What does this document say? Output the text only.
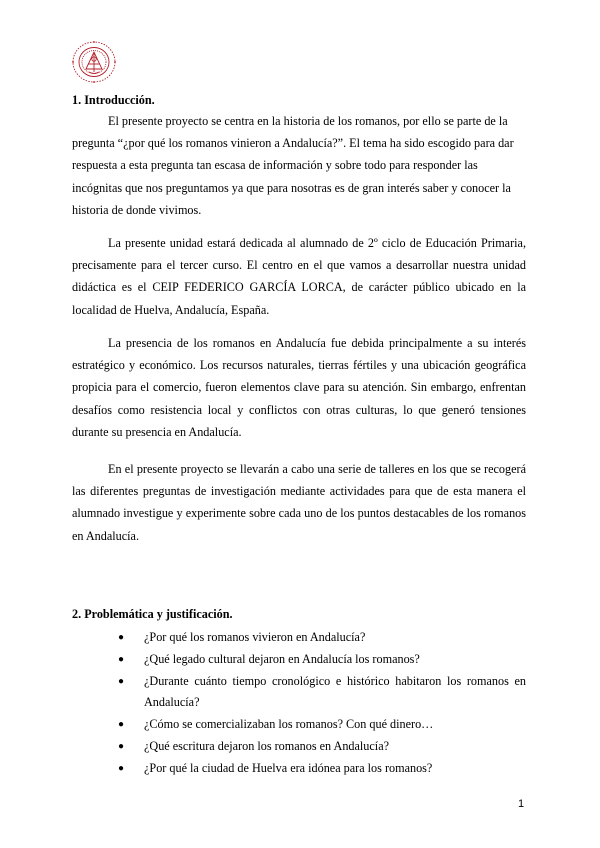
1. Introducción.

El presente proyecto se centra en la historia de los romanos, por ello se parte de la pregunta “¿por qué los romanos vinieron a Andalucía?”. El tema ha sido escogido para dar respuesta a esta pregunta tan escasa de información y sobre todo para responder las incógnitas que nos preguntamos ya que para nosotras es de gran interés saber y conocer la historia de donde vivimos.

La presente unidad estará dedicada al alumnado de 2º ciclo de Educación Primaria, precisamente para el tercer curso. El centro en el que vamos a desarrollar nuestra unidad didáctica es el CEIP FEDERICO GARCÍA LORCA, de carácter público ubicado en la localidad de Huelva, Andalucía, España.

La presencia de los romanos en Andalucía fue debida principalmente a su interés estratégico y económico. Los recursos naturales, tierras fértiles y una ubicación geográfica propicia para el comercio, fueron elementos clave para su atención. Sin embargo, enfrentan desafíos como resistencia local y conflictos con otras culturas, lo que generó tensiones durante su presencia en Andalucía.

En el presente proyecto se llevarán a cabo una serie de talleres en los que se recogerá las diferentes preguntas de investigación mediante actividades para que de esta manera el alumnado investigue y experimente sobre cada uno de los puntos destacables de los romanos en Andalucía.

2. Problemática y justificación.

● ¿Por qué los romanos vivieron en Andalucía?
● ¿Qué legado cultural dejaron en Andalucía los romanos?
● ¿Durante cuánto tiempo cronológico e histórico habitaron los romanos en Andalucía?
● ¿Cómo se comercializaban los romanos? Con qué dinero…
● ¿Qué escritura dejaron los romanos en Andalucía?
● ¿Por qué la ciudad de Huelva era idónea para los romanos?
1
